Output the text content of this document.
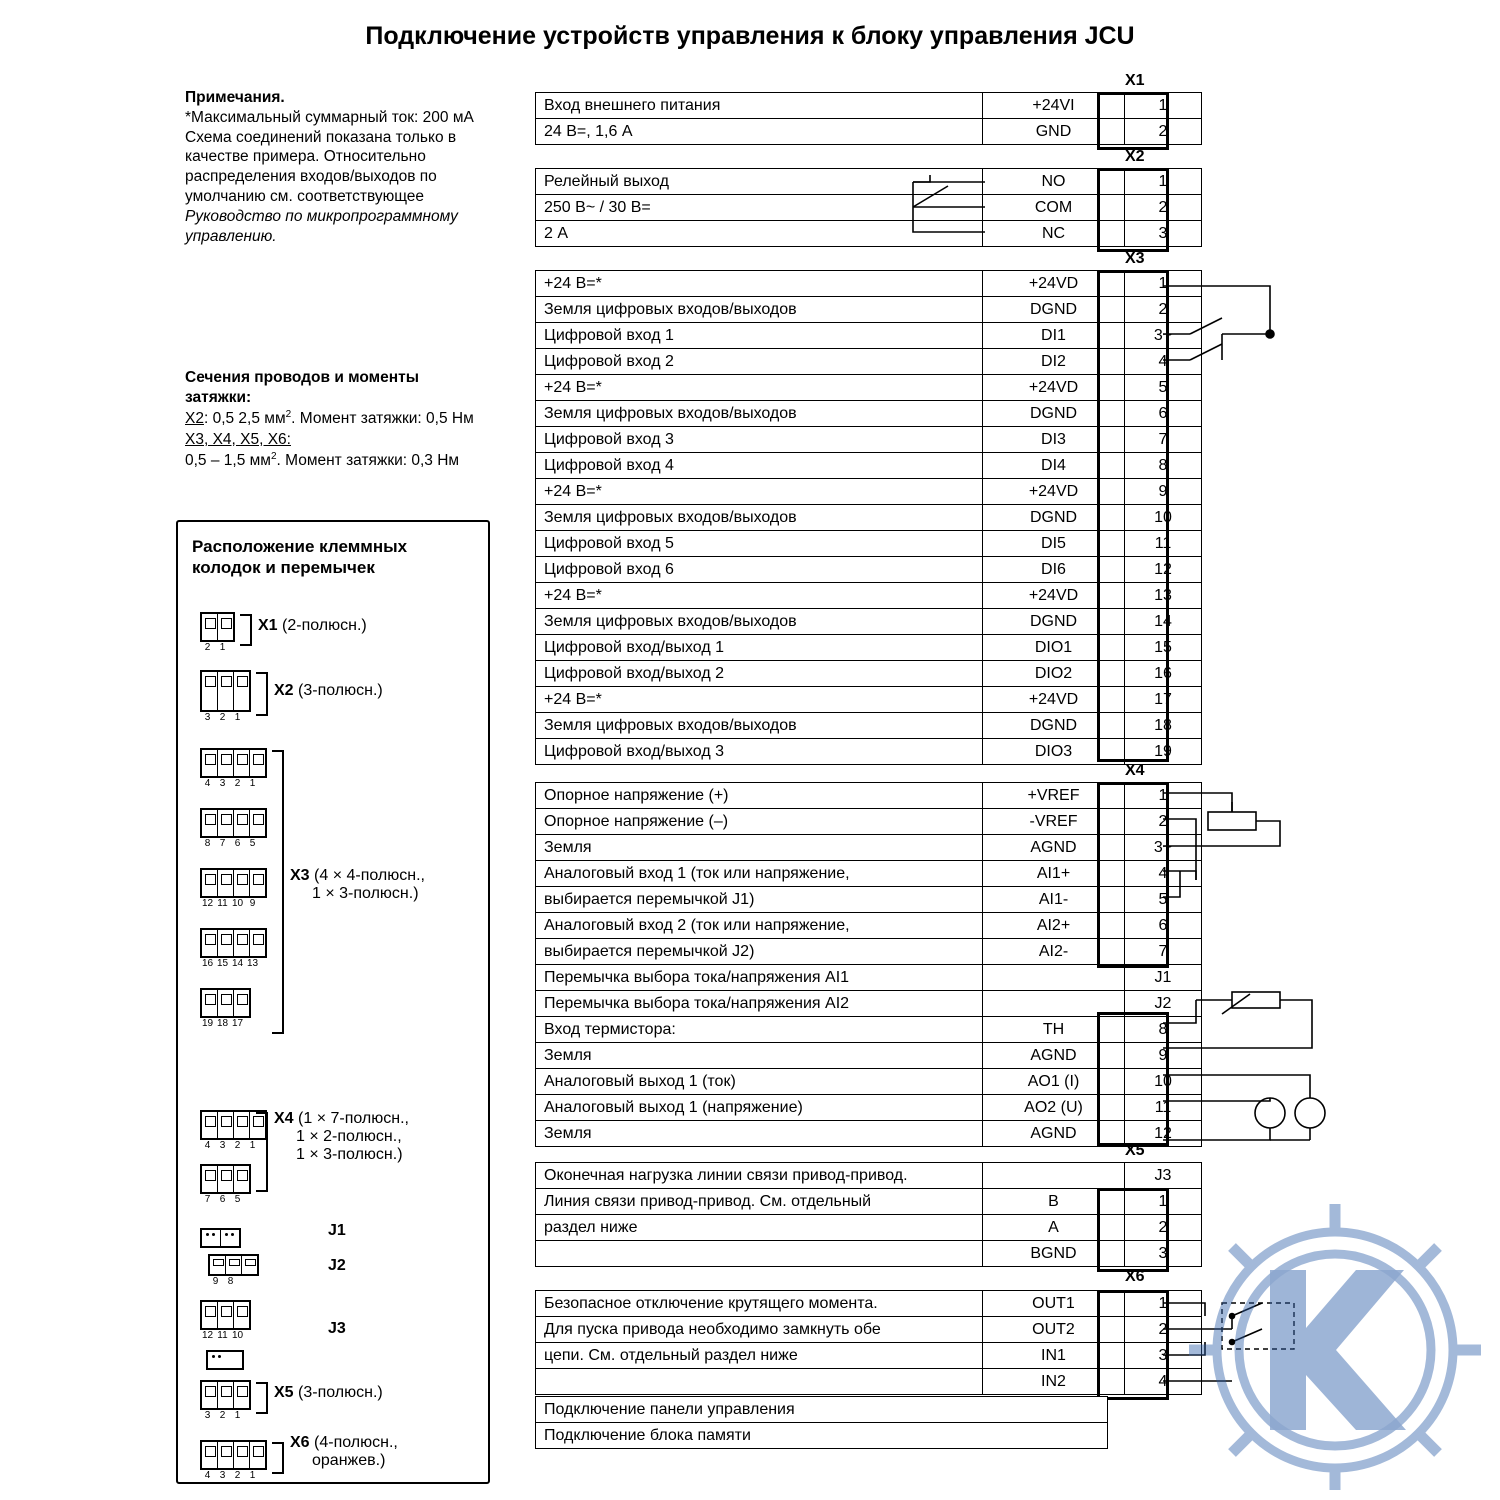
Подключение устройств управления к блоку управления JCU
Примечания.
*Максимальный суммарный ток: 200 мА
Схема соединений показана только в качестве примера. Относительно распределения входов/выходов по умолчанию см. соответствующее
Руководство по микропрограммному управлению.
Сечения проводов и моменты
затяжки:
X2: 0,5 2,5 $мм^2$. Момент затяжки: 0,5 Нм
X3, X4, X5, X6:
0,5 – 1,5 $мм^2$. Момент затяжки: 0,3 Нм
Расположение клеммных
колодок и перемычек
2 1
X1 (2-полюсн.)
3 2 1
X2 (3-полюсн.)
4 3 2 1
8 7 6 5
12 11 10 9
16 15 14 13
19 18 17
X3 (4 × 4-полюсн.,
1 × 3-полюсн.)
4 3 2 1
7 6 5
X4 (1 × 7-полюсн.,
1 × 2-полюсн.,
1 × 3-полюсн.)
J1
J2
J3
9 8
12 11 10
3 2 1
X5 (3-полюсн.)
4 3 2 1
X6 (4-полюсн.,
оранжев.)
X1
Вход внешнего питания	+24VI	1
24 В=, 1,6 А	GND	2
X2
Релейный выход	NO	1
250 В~ / 30 В=	COM	2
2 А	NC	3
X3
+24 В=*	+24VD	1
Земля цифровых входов/выходов	DGND	2
Цифровой вход 1	DI1	3~
Цифровой вход 2	DI2	4
+24 В=*	+24VD	5
Земля цифровых входов/выходов	DGND	6
Цифровой вход 3	DI3	7
Цифровой вход 4	DI4	8
+24 В=*	+24VD	9
Земля цифровых входов/выходов	DGND	10
Цифровой вход 5	DI5	11
Цифровой вход 6	DI6	12
+24 В=*	+24VD	13
Земля цифровых входов/выходов	DGND	14
Цифровой вход/выход 1	DIO1	15
Цифровой вход/выход 2	DIO2	16
+24 В=*	+24VD	17
Земля цифровых входов/выходов	DGND	18
Цифровой вход/выход 3	DIO3	19
X4
Опорное напряжение (+)	+VREF	1
Опорное напряжение (–)	-VREF	2
Земля	AGND	3~
Аналоговый вход 1 (ток или напряжение,	AI1+	4
выбирается перемычкой J1)	AI1-	5
Аналоговый вход 2 (ток или напряжение,	AI2+	6
выбирается перемычкой J2)	AI2-	7
Перемычка выбора тока/напряжения AI1		J1
Перемычка выбора тока/напряжения AI2		J2
Вход термистора:	TH	8
Земля	AGND	9
Аналоговый выход 1 (ток)	AO1 (I)	10
Аналоговый выход 1 (напряжение)	AO2 (U)	11
Земля	AGND	12
X5
Оконечная нагрузка линии связи привод-привод.		J3
Линия связи привод-привод. См. отдельный	B	1
раздел ниже	A	2
	BGND	3
X6
Безопасное отключение крутящего момента.	OUT1	1
Для пуска привода необходимо замкнуть обе	OUT2	2
цепи. См. отдельный раздел ниже	IN1	3
	IN2	4
Подключение панели управления
Подключение блока памяти
